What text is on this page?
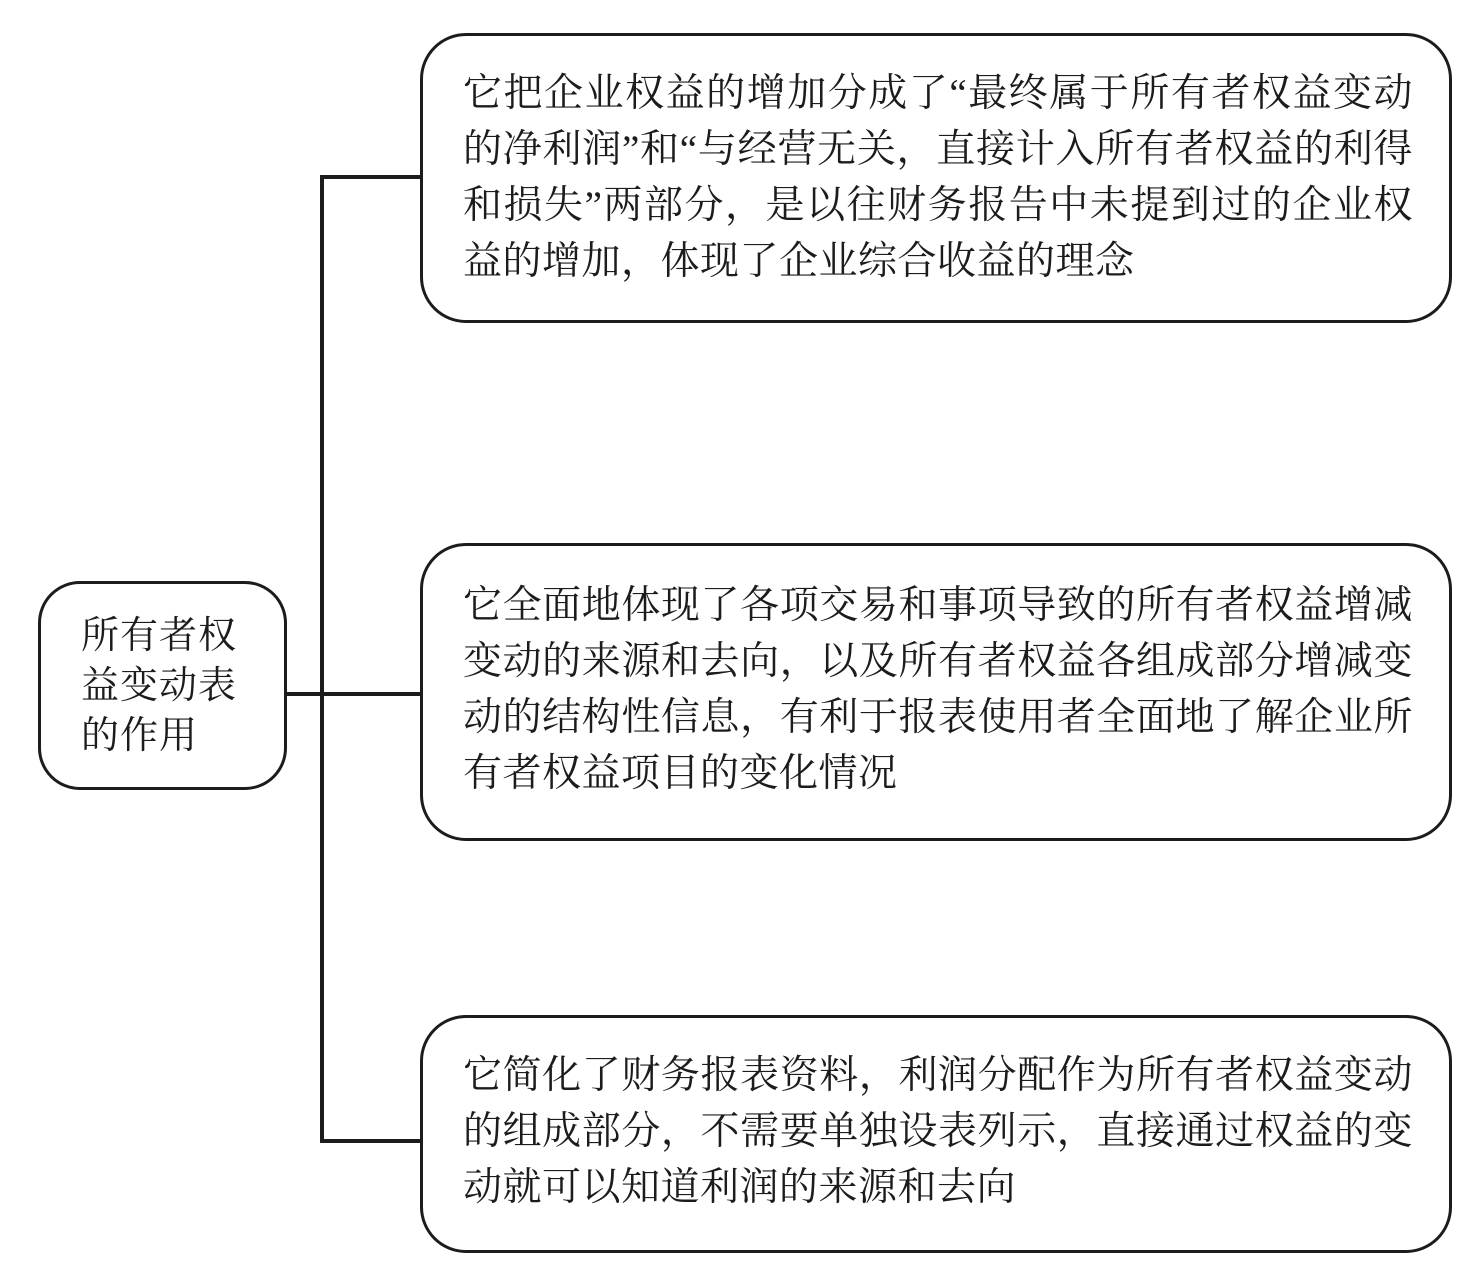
所有者权益变动表的作用

它把企业权益的增加分成了“最终属于所有者权益变动的净利润”和“与经营无关，直接计入所有者权益的利得和损失”两部分，是以往财务报告中未提到过的企业权益的增加，体现了企业综合收益的理念

它全面地体现了各项交易和事项导致的所有者权益增减变动的来源和去向，以及所有者权益各组成部分增减变动的结构性信息，有利于报表使用者全面地了解企业所有者权益项目的变化情况

它简化了财务报表资料，利润分配作为所有者权益变动的组成部分，不需要单独设表列示，直接通过权益的变动就可以知道利润的来源和去向
